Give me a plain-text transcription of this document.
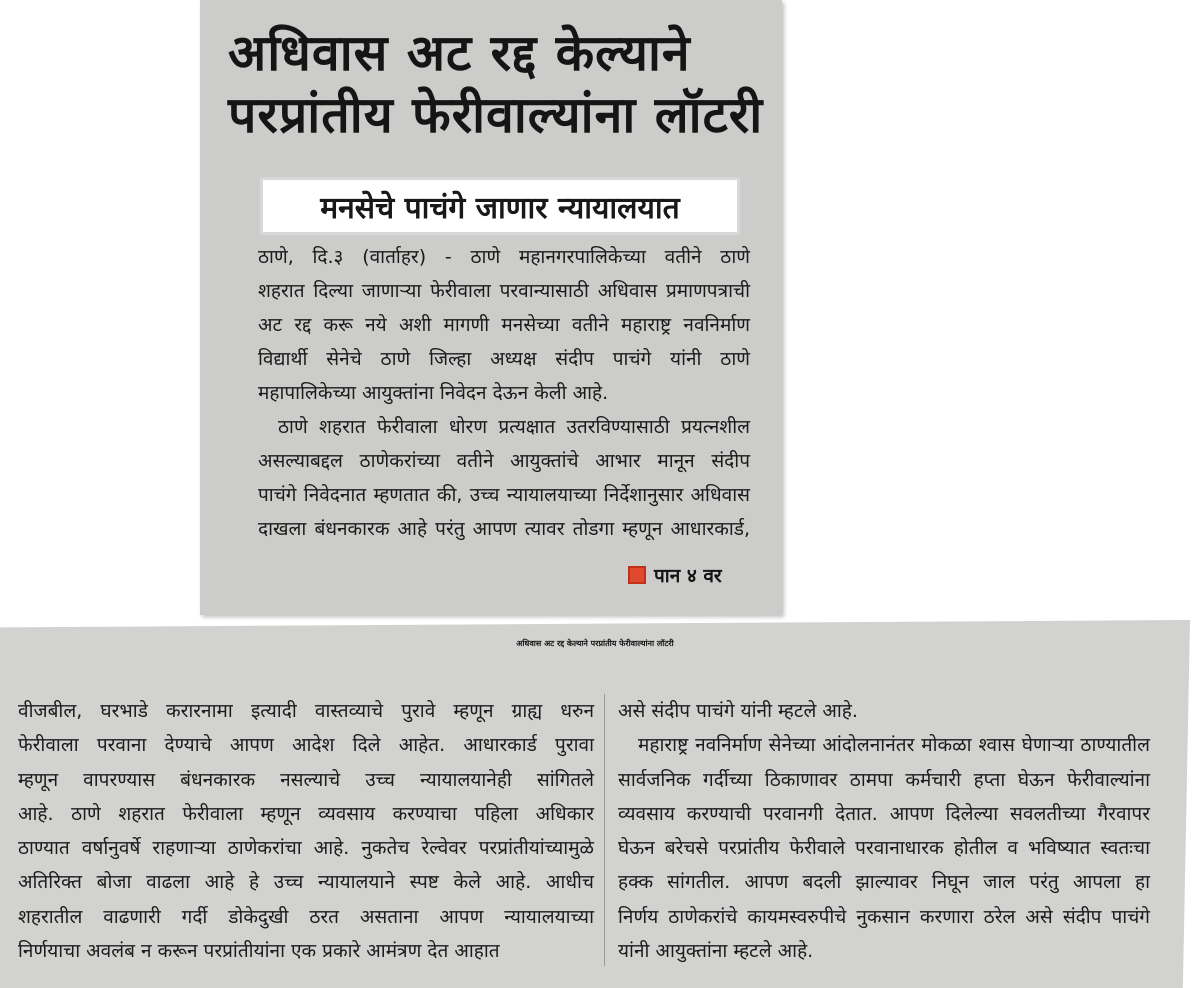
अधिवास अट रद्द केल्याने
परप्रांतीय फेरीवाल्यांना लॉटरी
मनसेचे पाचंगे जाणार न्यायालयात
ठाणे, दि.३ (वार्ताहर) - ठाणे महानगरपालिकेच्या वतीने ठाणे
शहरात दिल्या जाणाऱ्या फेरीवाला परवान्यासाठी अधिवास प्रमाणपत्राची
अट रद्द करू नये अशी मागणी मनसेच्या वतीने महाराष्ट्र नवनिर्माण
विद्यार्थी सेनेचे ठाणे जिल्हा अध्यक्ष संदीप पाचंगे यांनी ठाणे
महापालिकेच्या आयुक्तांना निवेदन देऊन केली आहे.
ठाणे शहरात फेरीवाला धोरण प्रत्यक्षात उतरविण्यासाठी प्रयत्नशील
असल्याबद्दल ठाणेकरांच्या वतीने आयुक्तांचे आभार मानून संदीप
पाचंगे निवेदनात म्हणतात की, उच्च न्यायालयाच्या निर्देशानुसार अधिवास
दाखला बंधनकारक आहे परंतु आपण त्यावर तोडगा म्हणून आधारकार्ड,
पान ४ वर
अधिवास अट रद्द केल्याने परप्रांतीय फेरीवाल्यांना लॉटरी
वीजबील, घरभाडे करारनामा इत्यादी वास्तव्याचे पुरावे म्हणून ग्राह्य धरुन
फेरीवाला परवाना देण्याचे आपण आदेश दिले आहेत. आधारकार्ड पुरावा
म्हणून वापरण्यास बंधनकारक नसल्याचे उच्च न्यायालयानेही सांगितले
आहे. ठाणे शहरात फेरीवाला म्हणून व्यवसाय करण्याचा पहिला अधिकार
ठाण्यात वर्षानुवर्षे राहणाऱ्या ठाणेकरांचा आहे. नुकतेच रेल्वेवर परप्रांतीयांच्यामुळे
अतिरिक्त बोजा वाढला आहे हे उच्च न्यायालयाने स्पष्ट केले आहे. आधीच
शहरातील वाढणारी गर्दी डोकेदुखी ठरत असताना आपण न्यायालयाच्या
निर्णयाचा अवलंब न करून परप्रांतीयांना एक प्रकारे आमंत्रण देत आहात
असे संदीप पाचंगे यांनी म्हटले आहे.
महाराष्ट्र नवनिर्माण सेनेच्या आंदोलनानंतर मोकळा श्वास घेणाऱ्या ठाण्यातील
सार्वजनिक गर्दीच्या ठिकाणावर ठामपा कर्मचारी हप्ता घेऊन फेरीवाल्यांना
व्यवसाय करण्याची परवानगी देतात. आपण दिलेल्या सवलतीच्या गैरवापर
घेऊन बरेचसे परप्रांतीय फेरीवाले परवानाधारक होतील व भविष्यात स्वतःचा
हक्क सांगतील. आपण बदली झाल्यावर निघून जाल परंतु आपला हा
निर्णय ठाणेकरांचे कायमस्वरुपीचे नुकसान करणारा ठरेल असे संदीप पाचंगे
यांनी आयुक्तांना म्हटले आहे.
